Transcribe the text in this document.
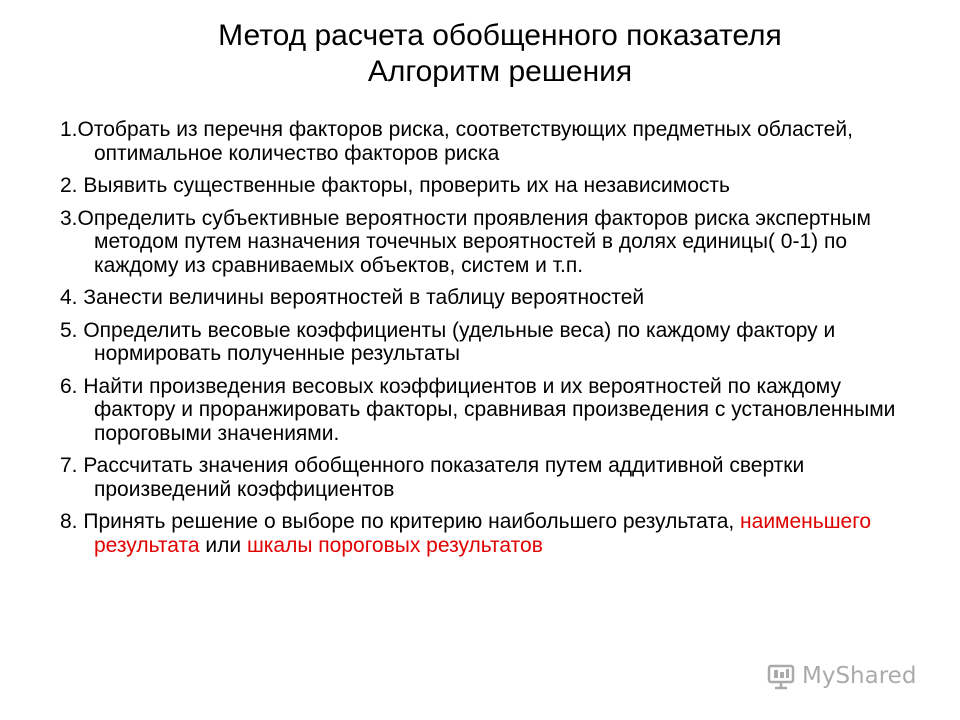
Метод расчета обобщенного показателя
Алгоритм решения
1.Отобрать из перечня факторов риска, соответствующих предметных областей, оптимальное количество факторов риска
2. Выявить существенные факторы, проверить их на независимость
3.Определить субъективные вероятности проявления факторов риска экспертным методом путем назначения точечных вероятностей в долях единицы( 0-1) по каждому из сравниваемых объектов, систем и т.п.
4. Занести величины вероятностей в таблицу вероятностей
5. Определить весовые коэффициенты (удельные веса) по каждому фактору и нормировать полученные результаты
6. Найти произведения весовых коэффициентов и их вероятностей по каждому фактору и проранжировать факторы, сравнивая произведения с установленными пороговыми значениями.
7. Рассчитать значения обобщенного показателя путем аддитивной свертки произведений коэффициентов
8. Принять решение о выборе по критерию наибольшего результата, наименьшего результата или шкалы пороговых результатов
MyShared
